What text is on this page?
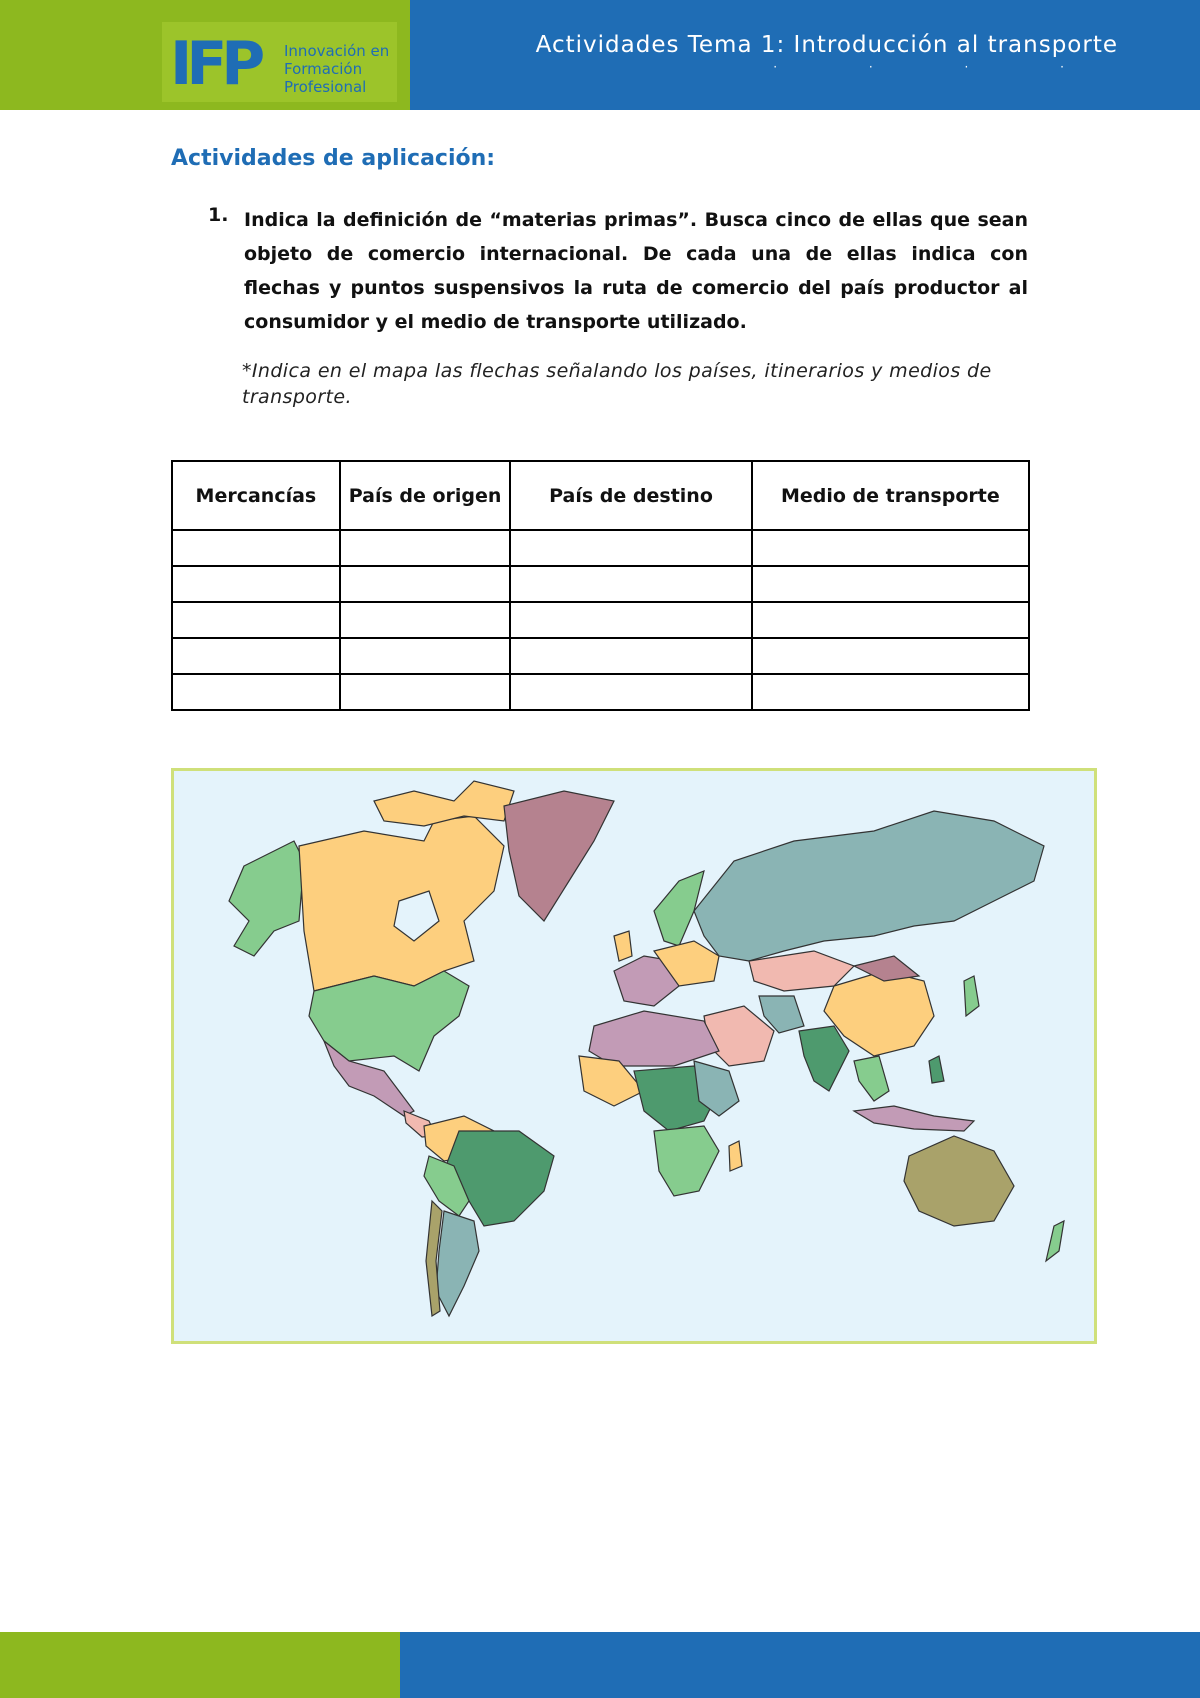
IFP Innovación en Formación Profesional
Actividades Tema 1: Introducción al transporte
· · · ·
Actividades de aplicación:
1. Indica la definición de “materias primas”. Busca cinco de ellas que sean objeto de comercio internacional. De cada una de ellas indica con flechas y puntos suspensivos la ruta de comercio del país productor al consumidor y el medio de transporte utilizado.
*Indica en el mapa las flechas señalando los países, itinerarios y medios de transporte.
Mercancías	País de origen	País de destino	Medio de transporte
